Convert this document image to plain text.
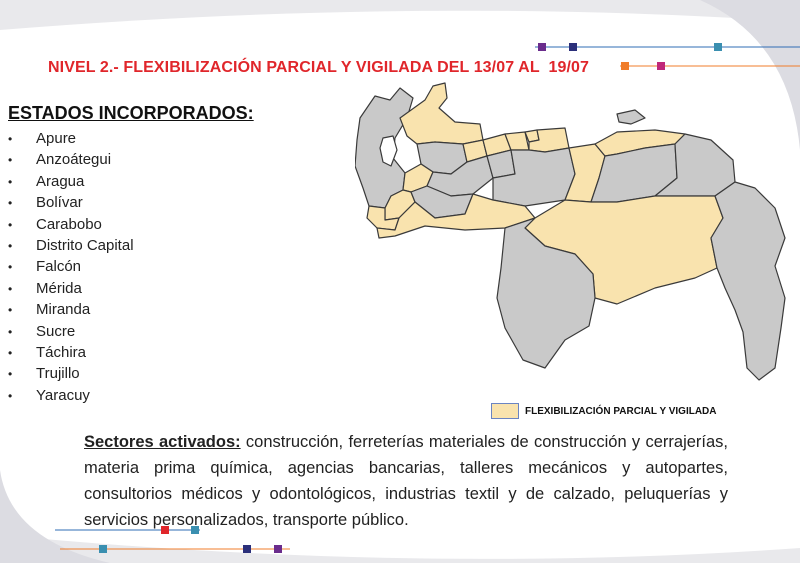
NIVEL 2.- FLEXIBILIZACIÓN PARCIAL Y VIGILADA DEL 13/07 AL  19/07
ESTADOS INCORPORADOS:
• Apure
• Anzoátegui
• Aragua
• Bolívar
• Carabobo
• Distrito Capital
• Falcón
• Mérida
• Miranda
• Sucre
• Táchira
• Trujillo
• Yaracuy
FLEXIBILIZACIÓN PARCIAL Y VIGILADA
Sectores activados: construcción, ferreterías materiales de construcción y cerrajerías, materia prima química, agencias bancarias, talleres mecánicos y autopartes, consultorios médicos y odontológicos, industrias textil y de calzado, peluquerías y servicios personalizados, transporte público.
